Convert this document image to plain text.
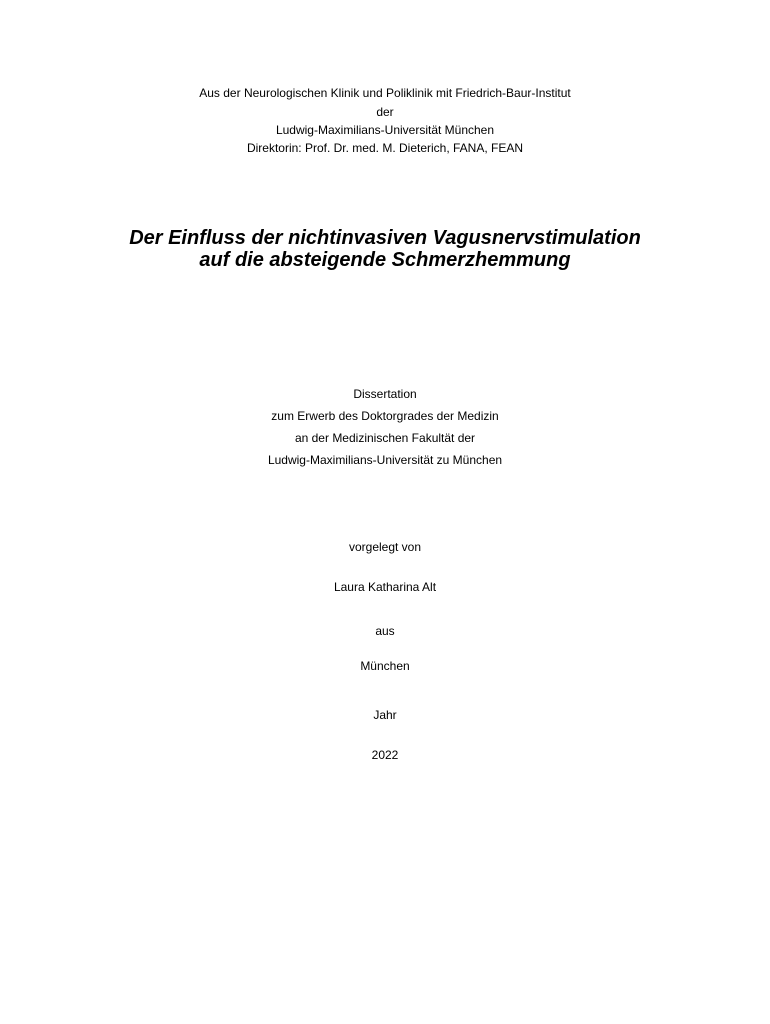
Aus der Neurologischen Klinik und Poliklinik mit Friedrich-Baur-Institut
der
Ludwig-Maximilians-Universität München
Direktorin: Prof. Dr. med. M. Dieterich, FANA, FEAN
Der Einfluss der nichtinvasiven Vagusnervstimulation
auf die absteigende Schmerzhemmung
Dissertation
zum Erwerb des Doktorgrades der Medizin
an der Medizinischen Fakultät der
Ludwig-Maximilians-Universität zu München
vorgelegt von
Laura Katharina Alt
aus
München
Jahr
2022
